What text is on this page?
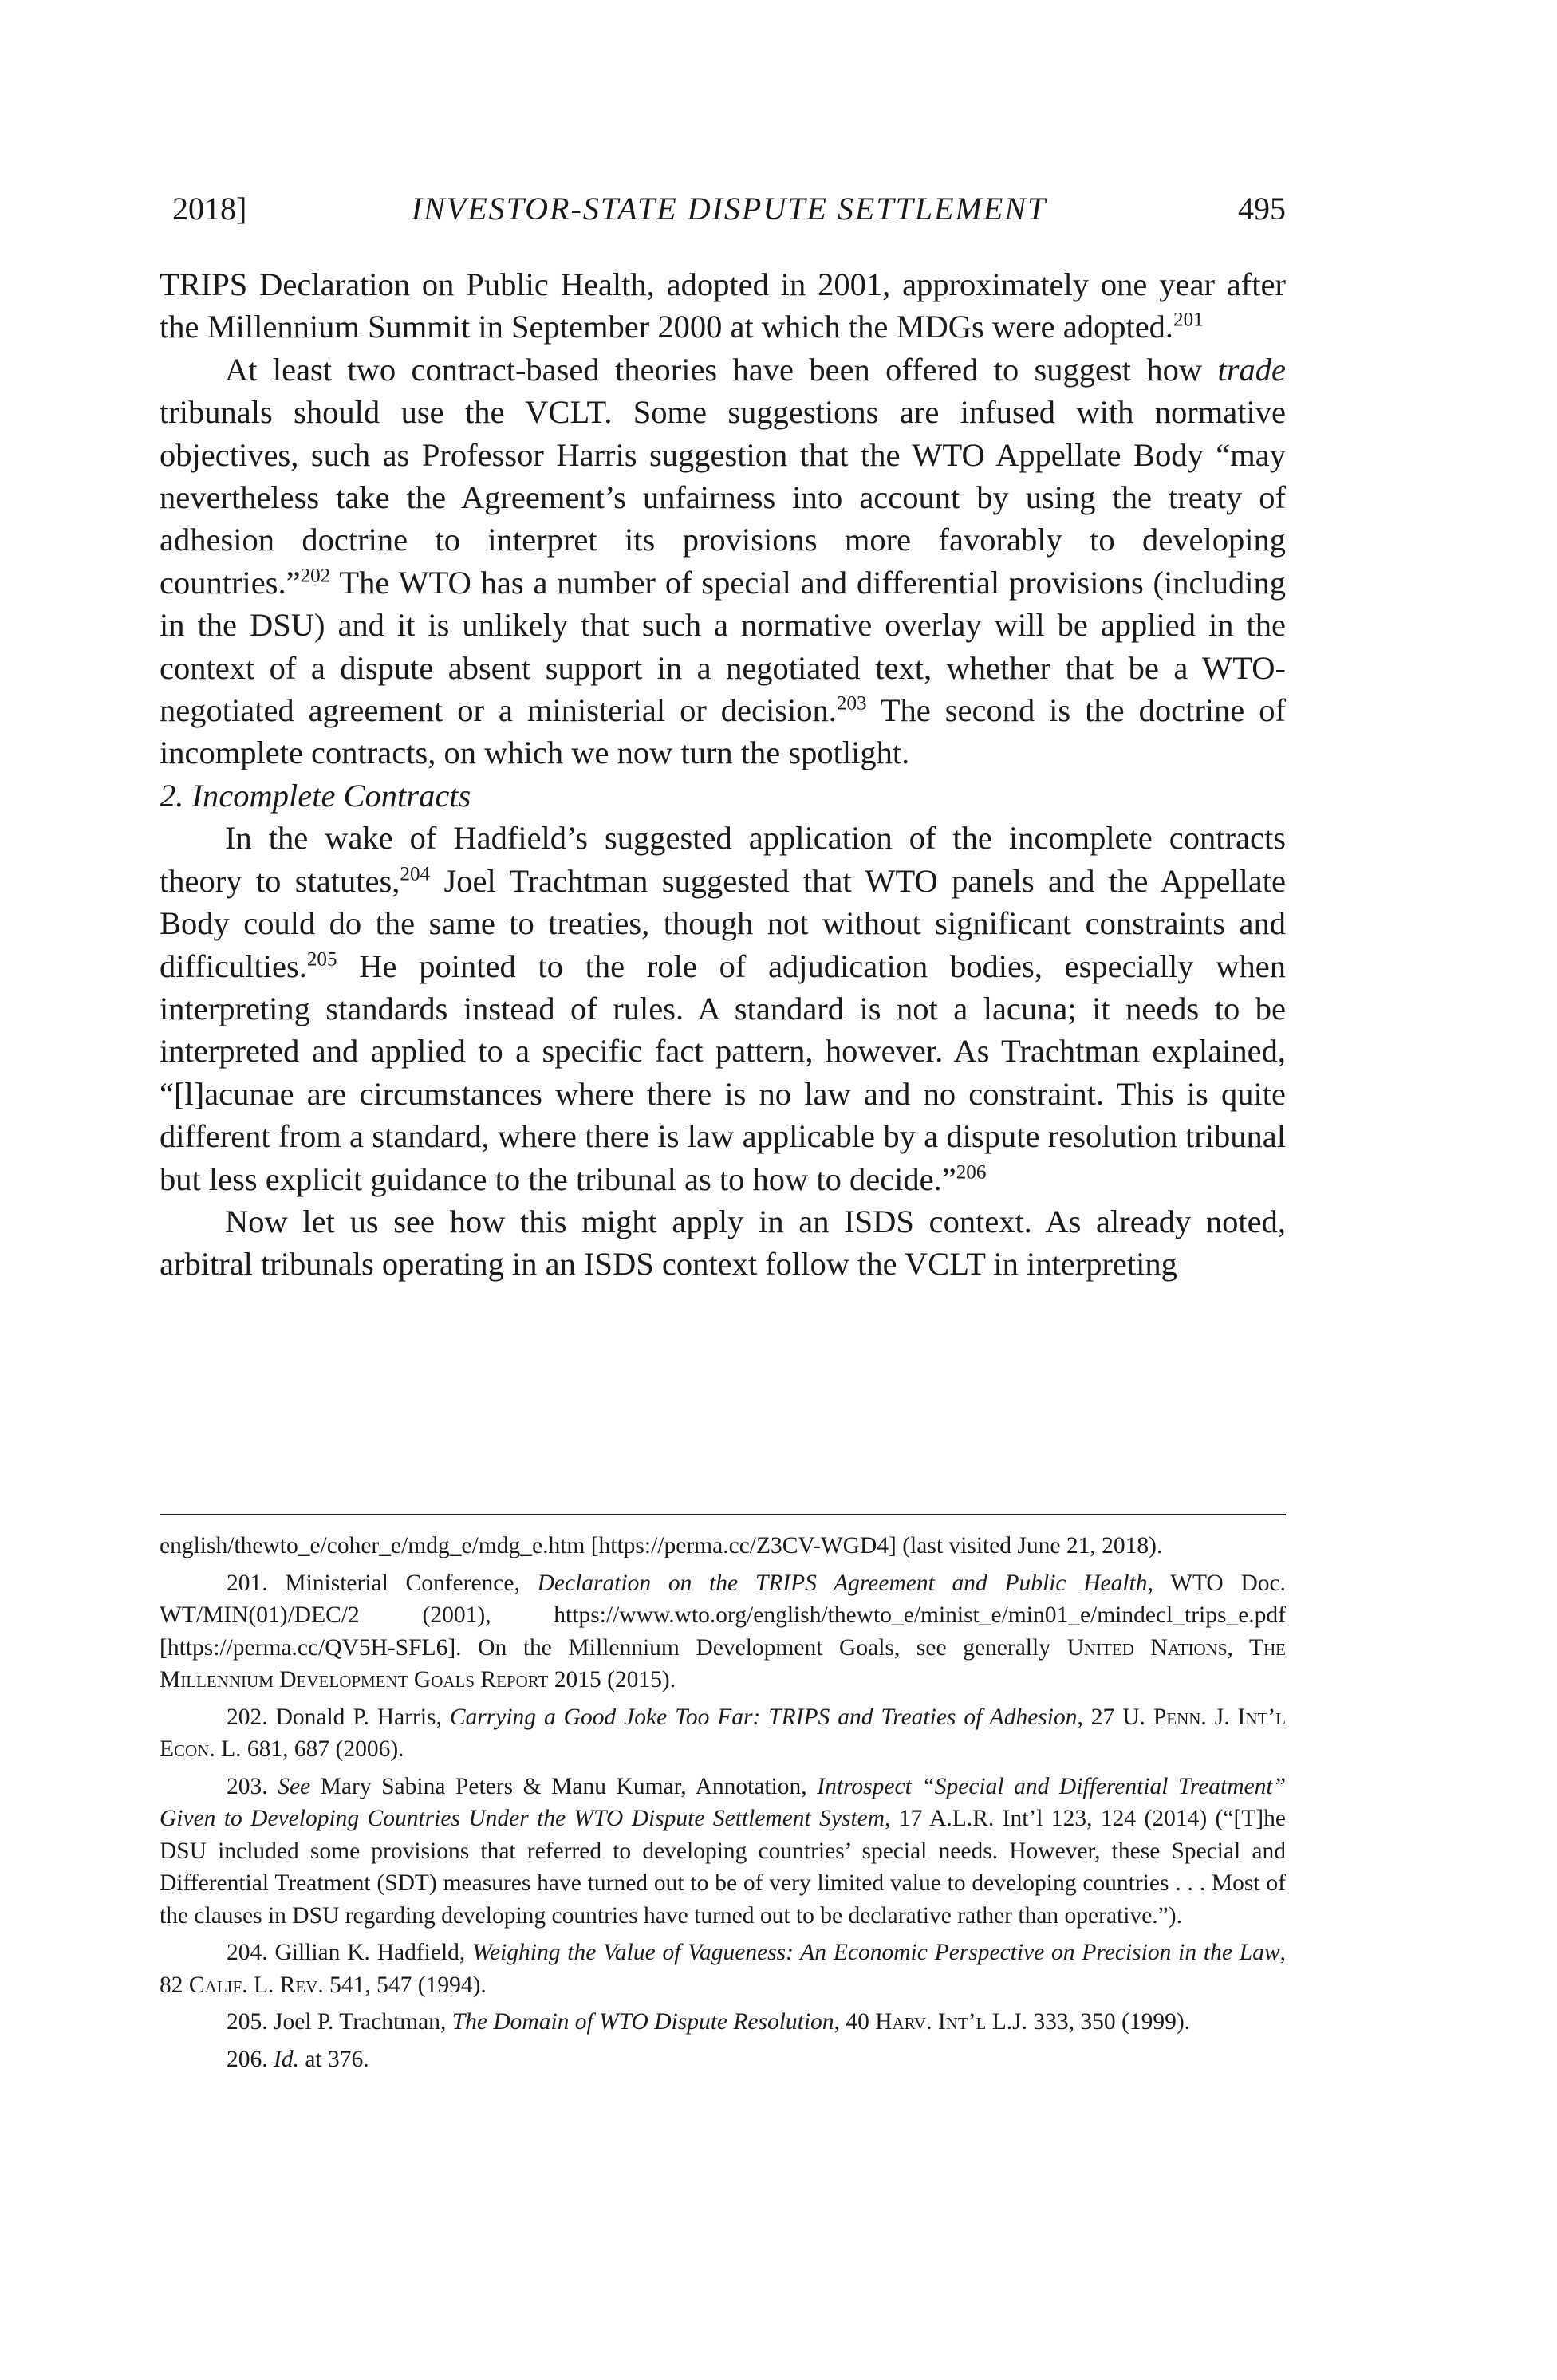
2018]	INVESTOR-STATE DISPUTE SETTLEMENT	495

TRIPS Declaration on Public Health, adopted in 2001, approximately one year after the Millennium Summit in September 2000 at which the MDGs were adopted.$^{201}$

At least two contract-based theories have been offered to suggest how trade tribunals should use the VCLT. Some suggestions are infused with normative objectives, such as Professor Harris suggestion that the WTO Appellate Body “may nevertheless take the Agreement’s unfairness into account by using the treaty of adhesion doctrine to interpret its provisions more favorably to developing countries.”$^{202}$ The WTO has a number of special and differential provisions (including in the DSU) and it is unlikely that such a normative overlay will be applied in the context of a dispute absent support in a negotiated text, whether that be a WTO-negotiated agreement or a ministerial or decision.$^{203}$ The second is the doctrine of incomplete contracts, on which we now turn the spotlight.

2. Incomplete Contracts

In the wake of Hadfield’s suggested application of the incomplete contracts theory to statutes,$^{204}$ Joel Trachtman suggested that WTO panels and the Appellate Body could do the same to treaties, though not without significant constraints and difficulties.$^{205}$ He pointed to the role of adjudication bodies, especially when interpreting standards instead of rules. A standard is not a lacuna; it needs to be interpreted and applied to a specific fact pattern, however. As Trachtman explained, “[l]acunae are circumstances where there is no law and no constraint. This is quite different from a standard, where there is law applicable by a dispute resolution tribunal but less explicit guidance to the tribunal as to how to decide.”$^{206}$

Now let us see how this might apply in an ISDS context. As already noted, arbitral tribunals operating in an ISDS context follow the VCLT in interpreting

english/thewto_e/coher_e/mdg_e/mdg_e.htm [https://perma.cc/Z3CV-WGD4] (last visited June 21, 2018).

201. Ministerial Conference, Declaration on the TRIPS Agreement and Public Health, WTO Doc. WT/MIN(01)/DEC/2 (2001), https://www.wto.org/english/thewto_e/minist_e/min01_e/mindecl_trips_e.pdf [https://perma.cc/QV5H-SFL6]. On the Millennium Development Goals, see generally United Nations, The Millennium Development Goals Report 2015 (2015).

202. Donald P. Harris, Carrying a Good Joke Too Far: TRIPS and Treaties of Adhesion, 27 U. Penn. J. Int’l Econ. L. 681, 687 (2006).

203. See Mary Sabina Peters & Manu Kumar, Annotation, Introspect “Special and Differential Treatment” Given to Developing Countries Under the WTO Dispute Settlement System, 17 A.L.R. Int’l 123, 124 (2014) (“[T]he DSU included some provisions that referred to developing countries’ special needs. However, these Special and Differential Treatment (SDT) measures have turned out to be of very limited value to developing countries . . . Most of the clauses in DSU regarding developing countries have turned out to be declarative rather than operative.”).

204. Gillian K. Hadfield, Weighing the Value of Vagueness: An Economic Perspective on Precision in the Law, 82 Calif. L. Rev. 541, 547 (1994).

205. Joel P. Trachtman, The Domain of WTO Dispute Resolution, 40 Harv. Int’l L.J. 333, 350 (1999).

206. Id. at 376.
